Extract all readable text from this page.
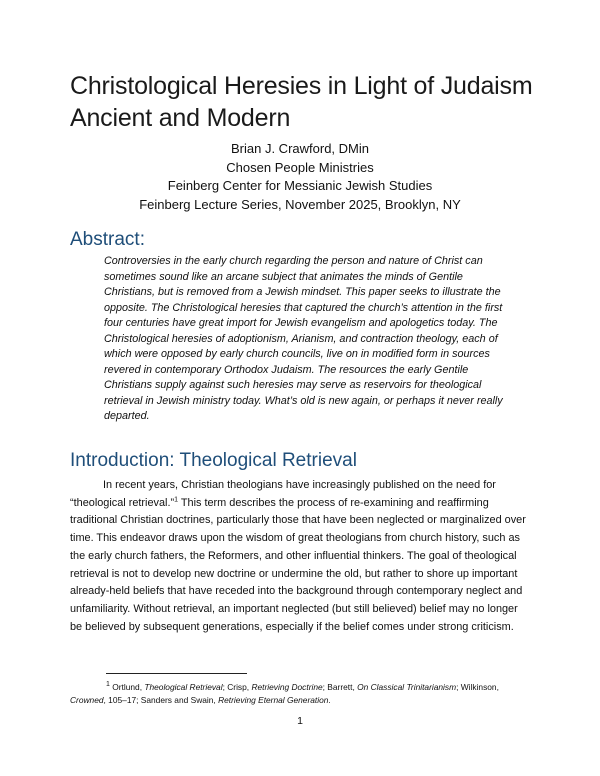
Christological Heresies in Light of Judaism Ancient and Modern
Brian J. Crawford, DMin
Chosen People Ministries
Feinberg Center for Messianic Jewish Studies
Feinberg Lecture Series, November 2025, Brooklyn, NY
Abstract:

Controversies in the early church regarding the person and nature of Christ can sometimes sound like an arcane subject that animates the minds of Gentile Christians, but is removed from a Jewish mindset. This paper seeks to illustrate the opposite. The Christological heresies that captured the church’s attention in the first four centuries have great import for Jewish evangelism and apologetics today. The Christological heresies of adoptionism, Arianism, and contraction theology, each of which were opposed by early church councils, live on in modified form in sources revered in contemporary Orthodox Judaism. The resources the early Gentile Christians supply against such heresies may serve as reservoirs for theological retrieval in Jewish ministry today. What’s old is new again, or perhaps it never really departed.

Introduction: Theological Retrieval

In recent years, Christian theologians have increasingly published on the need for “theological retrieval.”$^1$ This term describes the process of re-examining and reaffirming traditional Christian doctrines, particularly those that have been neglected or marginalized over time. This endeavor draws upon the wisdom of great theologians from church history, such as the early church fathers, the Reformers, and other influential thinkers. The goal of theological retrieval is not to develop new doctrine or undermine the old, but rather to shore up important already-held beliefs that have receded into the background through contemporary neglect and unfamiliarity. Without retrieval, an important neglected (but still believed) belief may no longer be believed by subsequent generations, especially if the belief comes under strong criticism.

$^1$ Ortlund, Theological Retrieval; Crisp, Retrieving Doctrine; Barrett, On Classical Trinitarianism; Wilkinson, Crowned, 105–17; Sanders and Swain, Retrieving Eternal Generation.

1
